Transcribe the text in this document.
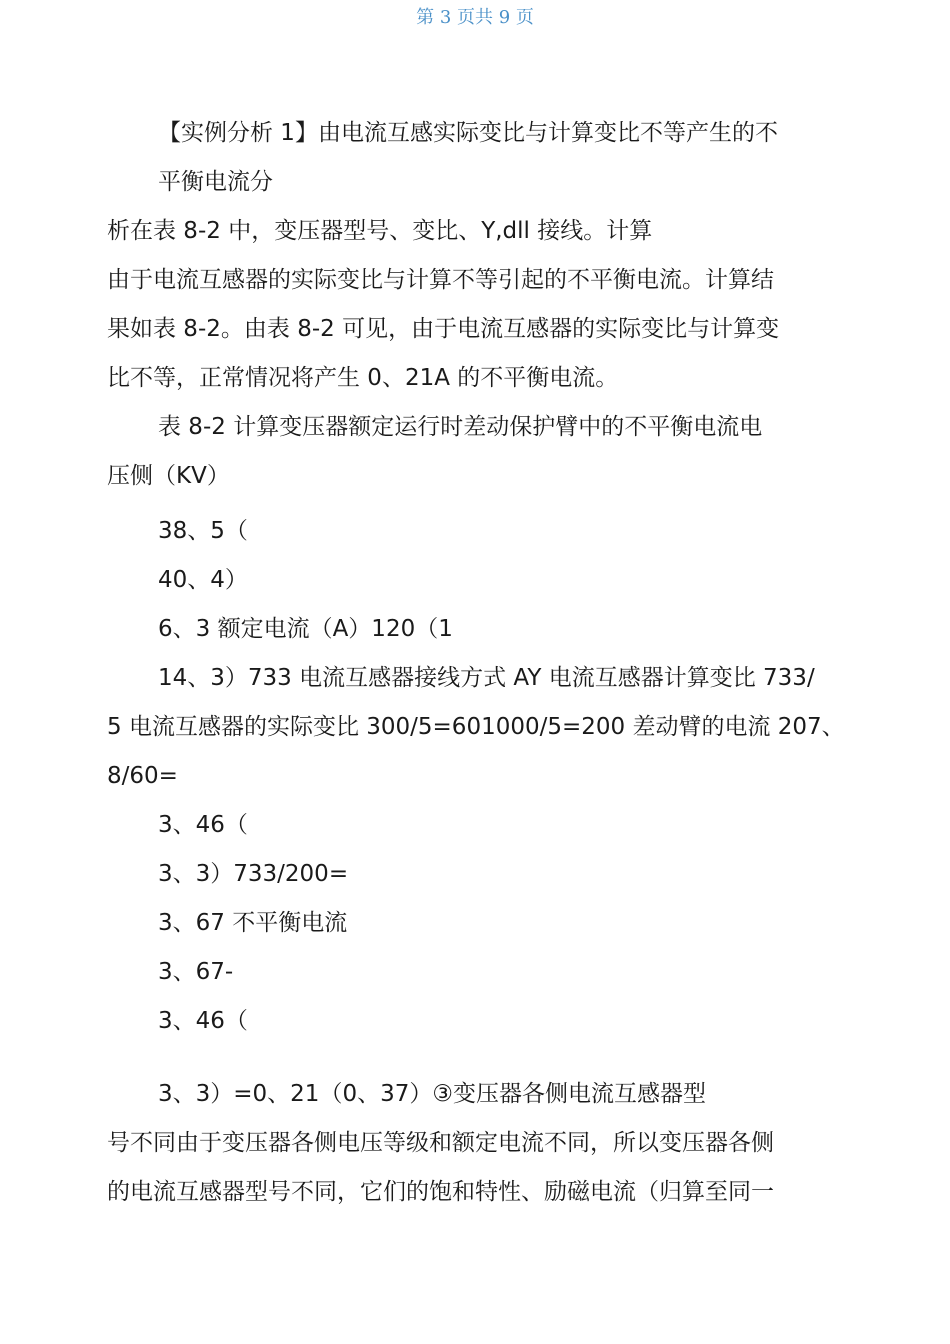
第 3 页共 9 页
【实例分析 1】由电流互感实际变比与计算变比不等产生的不
平衡电流分
析在表 8-2 中，变压器型号、变比、Y,dll 接线。计算
由于电流互感器的实际变比与计算不等引起的不平衡电流。计算结
果如表 8-2。由表 8-2 可见，由于电流互感器的实际变比与计算变
比不等，正常情况将产生 0、21A 的不平衡电流。
表 8-2 计算变压器额定运行时差动保护臂中的不平衡电流电
压侧（KV）
38、5（
40、4）
6、3 额定电流（A）120（1
14、3）733 电流互感器接线方式 AY 电流互感器计算变比 733/
5 电流互感器的实际变比 300/5=601000/5=200 差动臂的电流 207、
8/60=
3、46（
3、3）733/200=
3、67 不平衡电流
3、67-
3、46（
3、3）=0、21（0、37）③变压器各侧电流互感器型
号不同由于变压器各侧电压等级和额定电流不同，所以变压器各侧
的电流互感器型号不同，它们的饱和特性、励磁电流（归算至同一
